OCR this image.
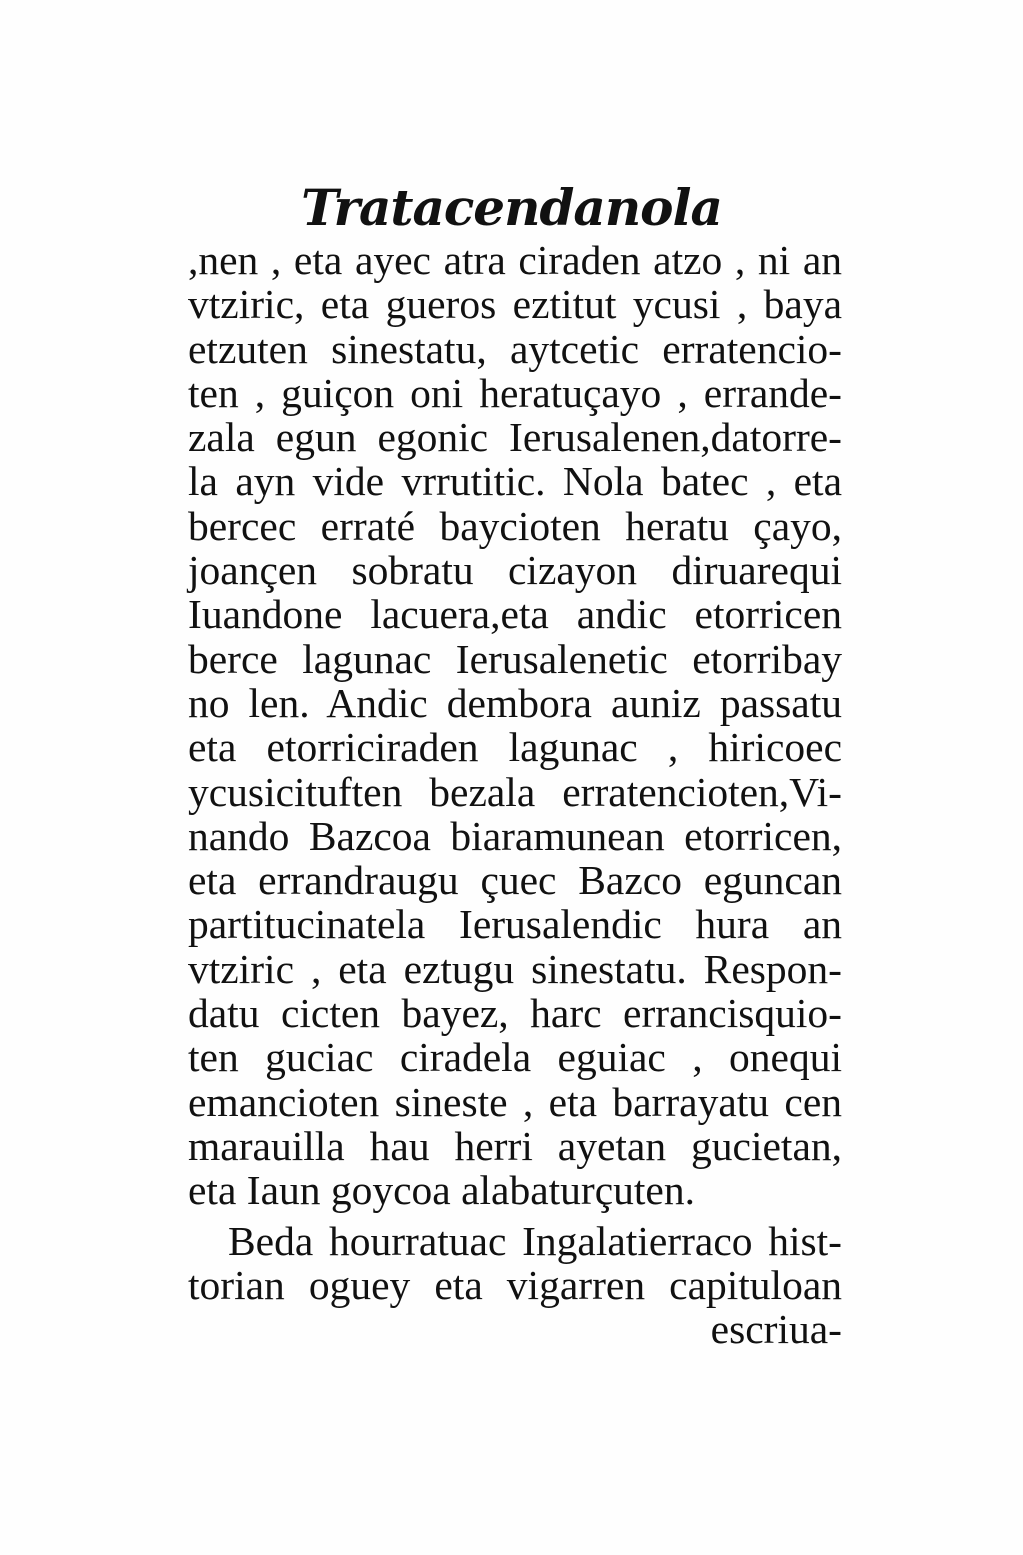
Tratacendanola
,nen , eta ayec atra ciraden atzo , ni an
vtziric, eta gueros eztitut ycusi , baya
etzuten sinestatu, aytcetic erratencio-
ten , guiçon oni heratuçayo , errande-
zala egun egonic Ierusalenen,datorre-
la ayn vide vrrutitic. Nola batec , eta
bercec erraté baycioten heratu çayo,
joançen sobratu cizayon diruarequi
Iuandone lacuera,eta andic etorricen
berce lagunac Ierusalenetic etorribay
no len. Andic dembora auniz passatu
eta etorriciraden lagunac , hiricoec
ycusicituften bezala erratencioten,Vi-
nando Bazcoa biaramunean etorricen,
eta errandraugu çuec Bazco eguncan
partitucinatela Ierusalendic hura an
vtziric , eta eztugu sinestatu. Respon-
datu cicten bayez, harc errancisquio-
ten guciac ciradela eguiac , onequi
emancioten sineste , eta barrayatu cen
marauilla hau herri ayetan gucietan,
eta Iaun goycoa alabaturçuten.
Beda hourratuac Ingalatierraco hist-
torian oguey eta vigarren capituloan
escriua-
